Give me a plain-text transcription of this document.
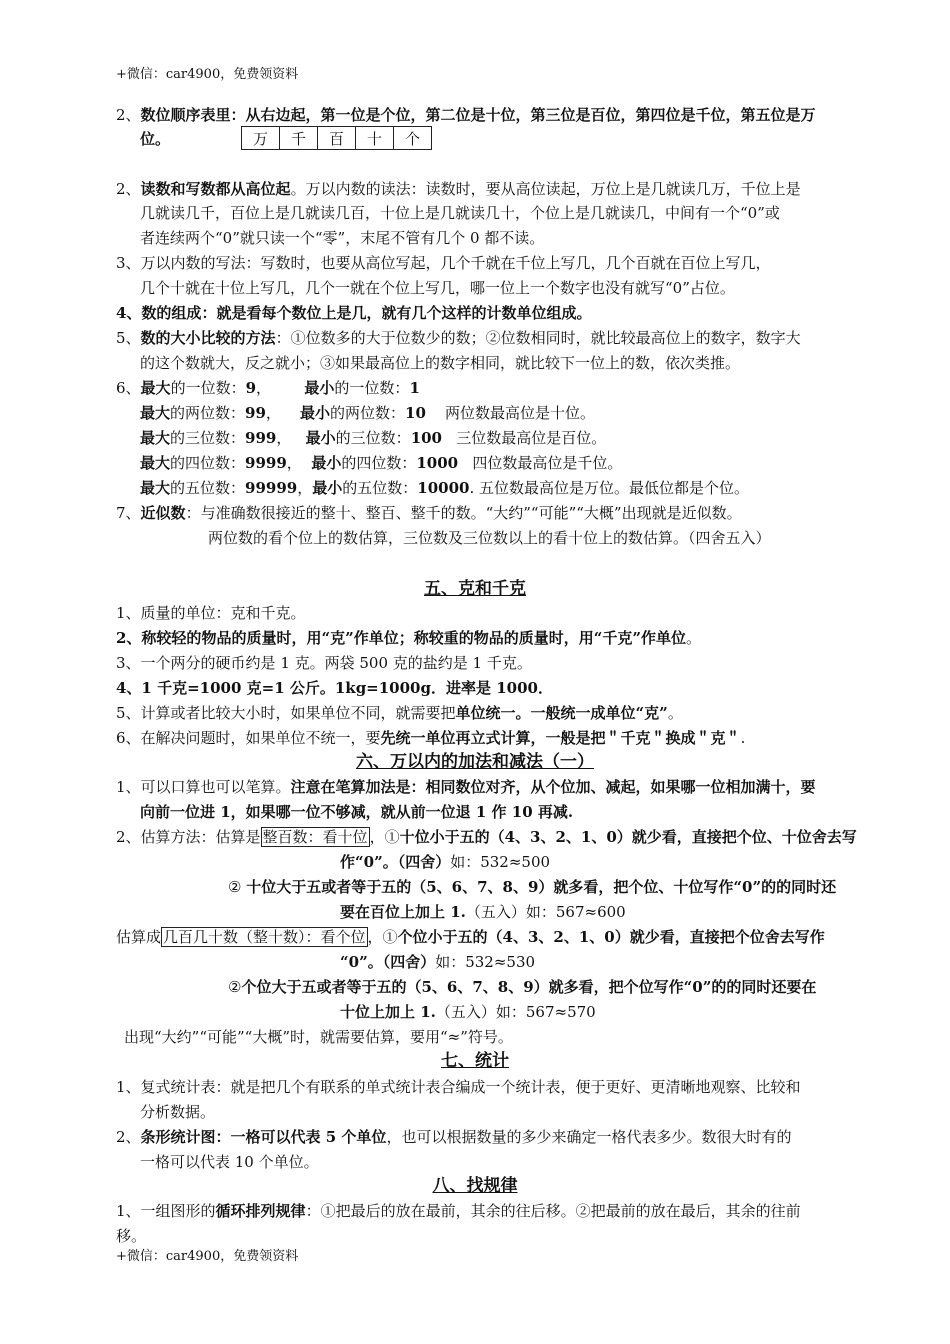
+微信：car4900，免费领资料
2、数位顺序表里：从右边起，第一位是个位，第二位是十位，第三位是百位，第四位是千位，第五位是万
位。	万	千	百	十	个
2、读数和写数都从高位起。万以内数的读法：读数时，要从高位读起，万位上是几就读几万，千位上是
几就读几千，百位上是几就读几百，十位上是几就读几十，个位上是几就读几，中间有一个“0”或
者连续两个“0”就只读一个“零”，末尾不管有几个 0 都不读。
3、万以内数的写法：写数时，也要从高位写起，几个千就在千位上写几，几个百就在百位上写几，
几个十就在十位上写几，几个一就在个位上写几，哪一位上一个数字也没有就写“0”占位。
4、数的组成：就是看每个数位上是几，就有几个这样的计数单位组成。
5、数的大小比较的方法：①位数多的大于位数少的数；②位数相同时，就比较最高位上的数字，数字大
的这个数就大，反之就小；③如果最高位上的数字相同，就比较下一位上的数，依次类推。
6、最大的一位数：9，       最小的一位数：1
最大的两位数：99，    最小的两位数：10    两位数最高位是十位。
最大的三位数：999，   最小的三位数：100   三位数最高位是百位。
最大的四位数：9999，  最小的四位数：1000   四位数最高位是千位。
最大的五位数：99999，最小的五位数：10000. 五位数最高位是万位。最低位都是个位。
7、近似数：与准确数很接近的整十、整百、整千的数。“大约”“可能”“大概”出现就是近似数。
两位数的看个位上的数估算，三位数及三位数以上的看十位上的数估算。（四舍五入）
五、克和千克
1、质量的单位：克和千克。
2、称较轻的物品的质量时，用“克”作单位；称较重的物品的质量时，用“千克”作单位。
3、一个两分的硬币约是 1 克。两袋 500 克的盐约是 1 千克。
4、1 千克=1000 克=1 公斤。1kg=1000g．进率是 1000．
5、计算或者比较大小时，如果单位不同，就需要把单位统一。一般统一成单位“克”。
6、在解决问题时，如果单位不统一，要先统一单位再立式计算，一般是把＂千克＂换成＂克＂.
六、万以内的加法和减法（一）
1、可以口算也可以笔算。注意在笔算加法是：相同数位对齐，从个位加、减起，如果哪一位相加满十，要
向前一位进 1，如果哪一位不够减，就从前一位退 1 作 10 再减.
2、估算方法：估算是 整百数：看十位 ，①十位小于五的（4、3、2、1、0）就少看，直接把个位、十位舍去写
作“0”。（四舍）如：532≈500
② 十位大于五或者等于五的（5、6、7、8、9）就多看，把个位、十位写作“0”的的同时还
要在百位上加上 1.（五入）如：567≈600
估算成 几百几十数（整十数）：看个位 ，①个位小于五的（4、3、2、1、0）就少看，直接把个位舍去写作
“0”。（四舍）如：532≈530
②个位大于五或者等于五的（5、6、7、8、9）就多看，把个位写作“0”的的同时还要在
十位上加上 1.（五入）如：567≈570
出现“大约”“可能”“大概”时，就需要估算，要用“≈”符号。
七、统计
1、复式统计表：就是把几个有联系的单式统计表合编成一个统计表，便于更好、更清晰地观察、比较和
分析数据。
2、条形统计图：一格可以代表 5 个单位，也可以根据数量的多少来确定一格代表多少。数很大时有的
一格可以代表 10 个单位。
八、找规律
1、一组图形的循环排列规律：①把最后的放在最前，其余的往后移。②把最前的放在最后，其余的往前
移。
+微信：car4900，免费领资料
